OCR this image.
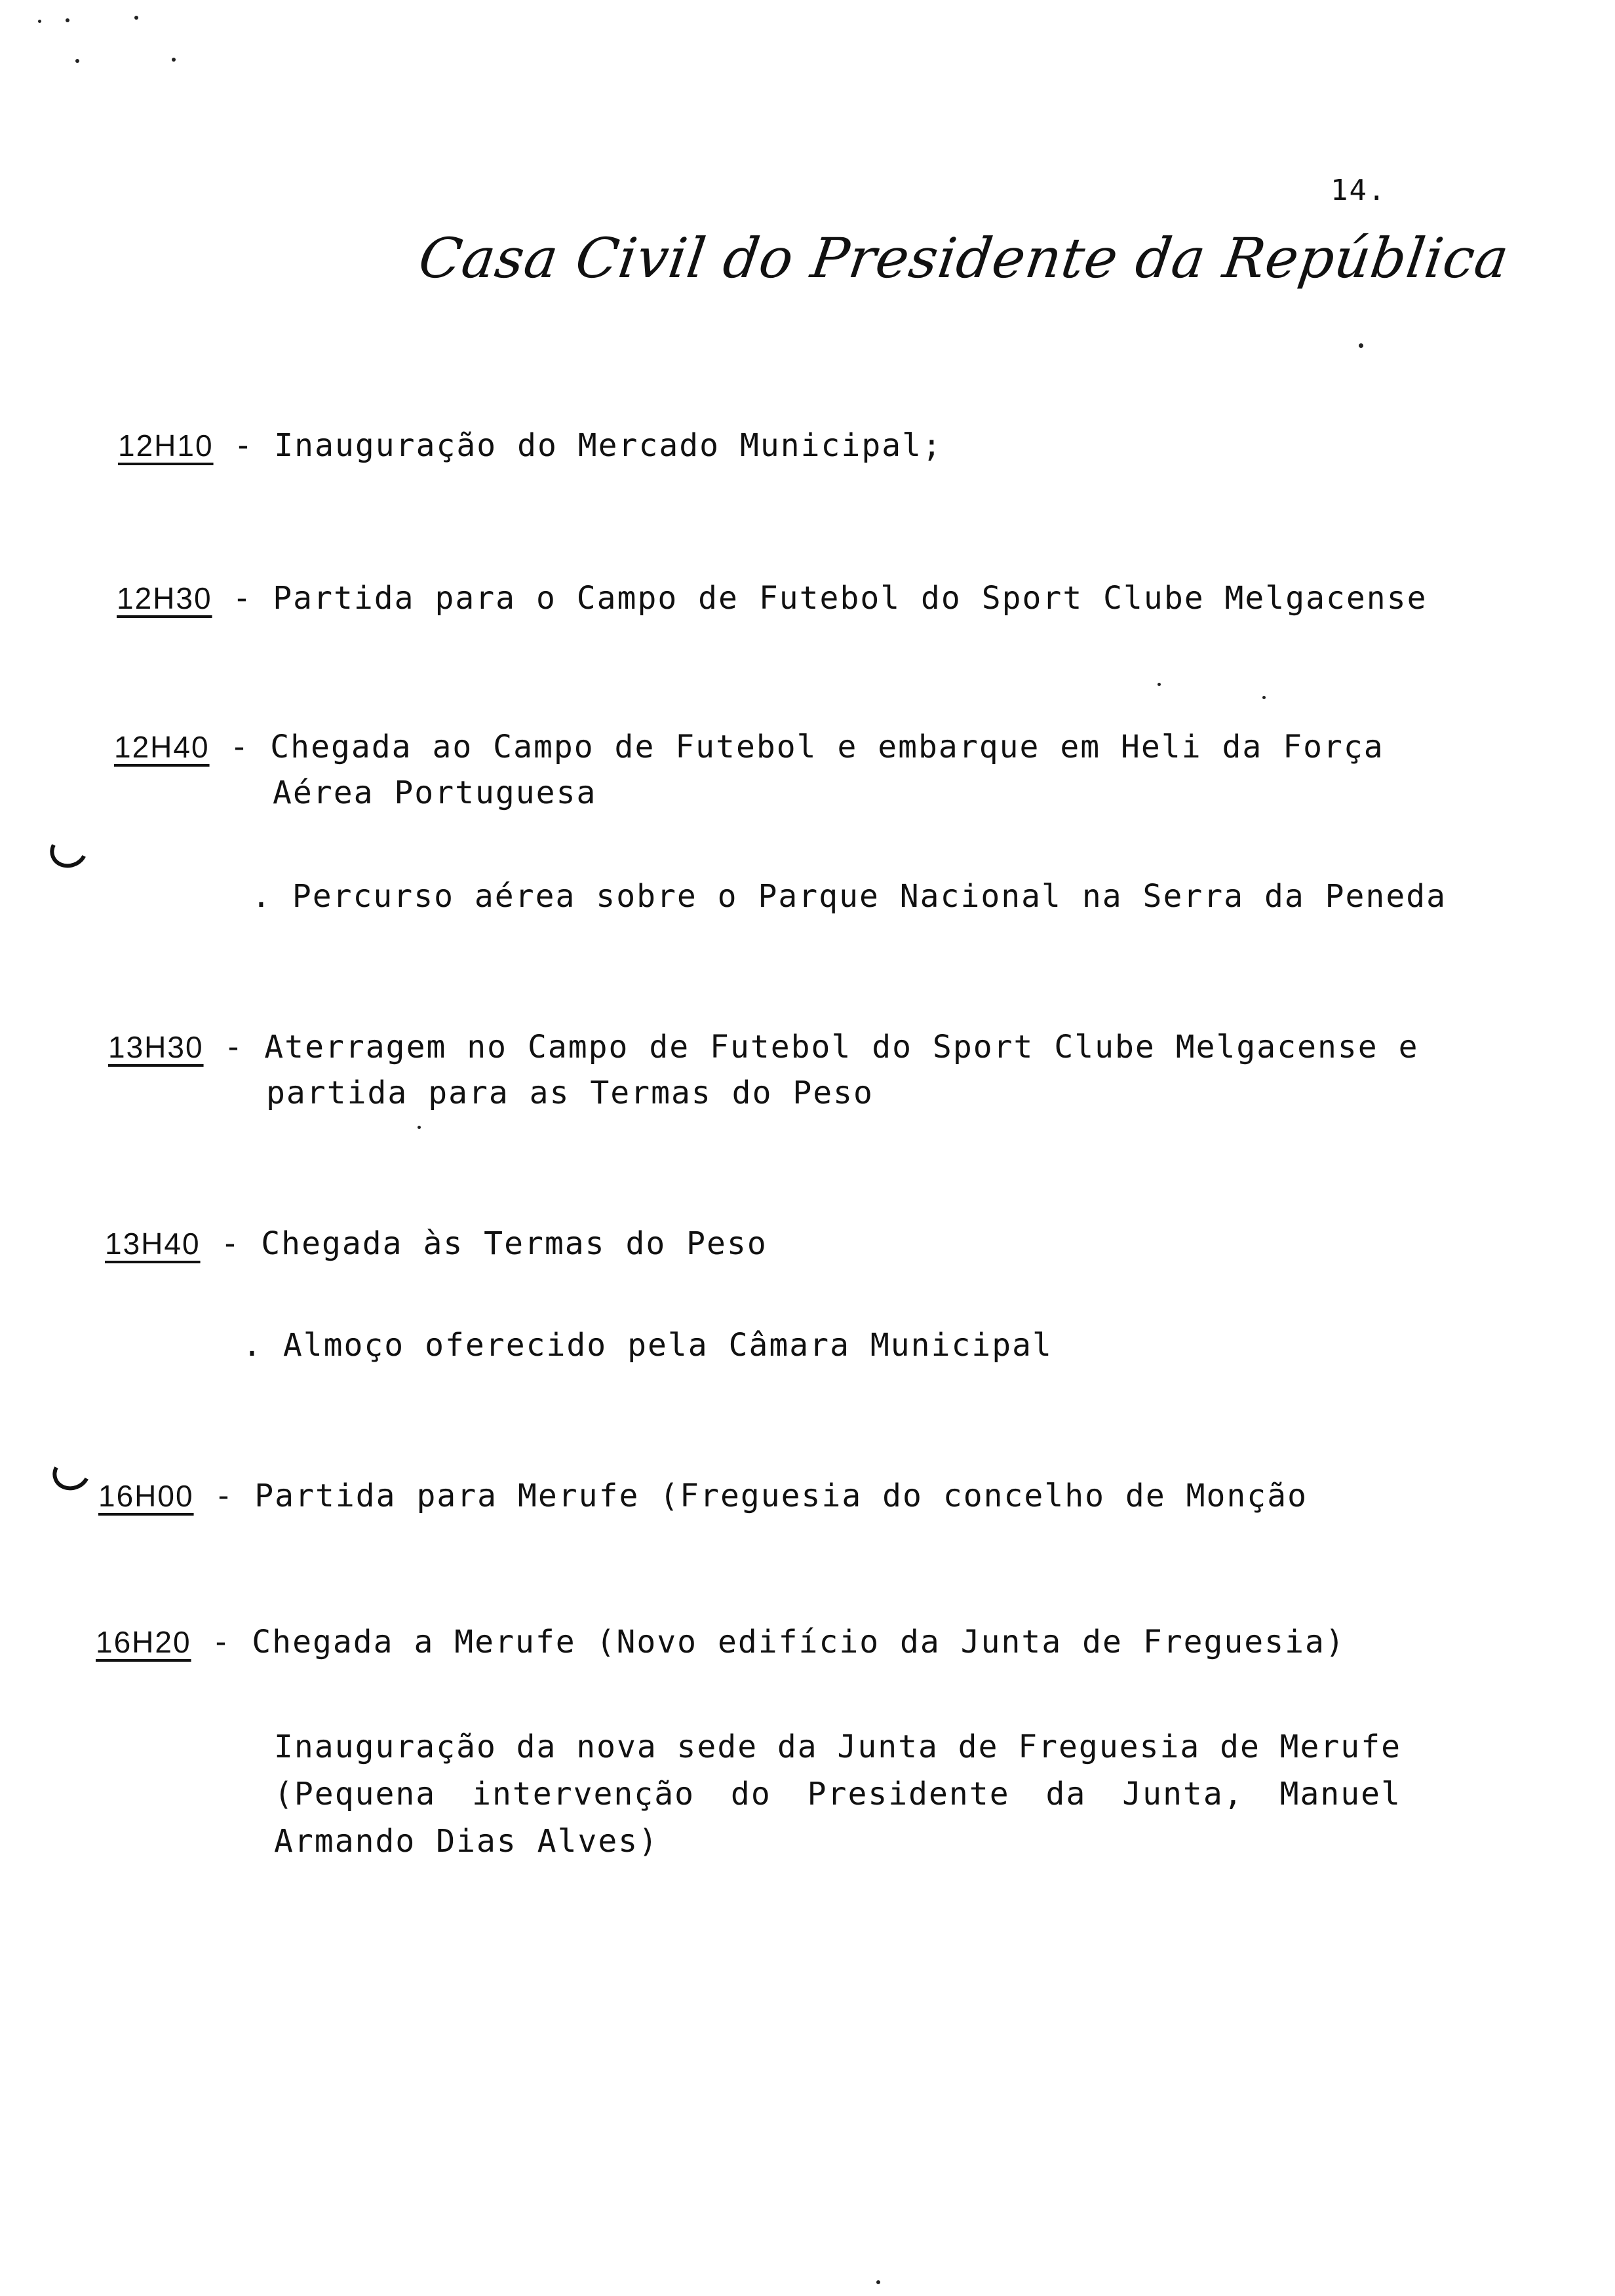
14.
Casa Civil do Presidente da República
12H10 - Inauguração do Mercado Municipal;
12H30 - Partida para o Campo de Futebol do Sport Clube Melgacense
12H40 - Chegada ao Campo de Futebol e embarque em Heli da Força
Aérea Portuguesa
. Percurso aérea sobre o Parque Nacional na Serra da Peneda
13H30 - Aterragem no Campo de Futebol do Sport Clube Melgacense e
partida para as Termas do Peso
13H40 - Chegada às Termas do Peso
. Almoço oferecido pela Câmara Municipal
16H00 - Partida para Merufe (Freguesia do concelho de Monção
16H20 - Chegada a Merufe (Novo edifício da Junta de Freguesia)
Inauguração da nova sede da Junta de Freguesia de Merufe
(Pequena intervenção do Presidente da Junta, Manuel
Armando Dias Alves)
